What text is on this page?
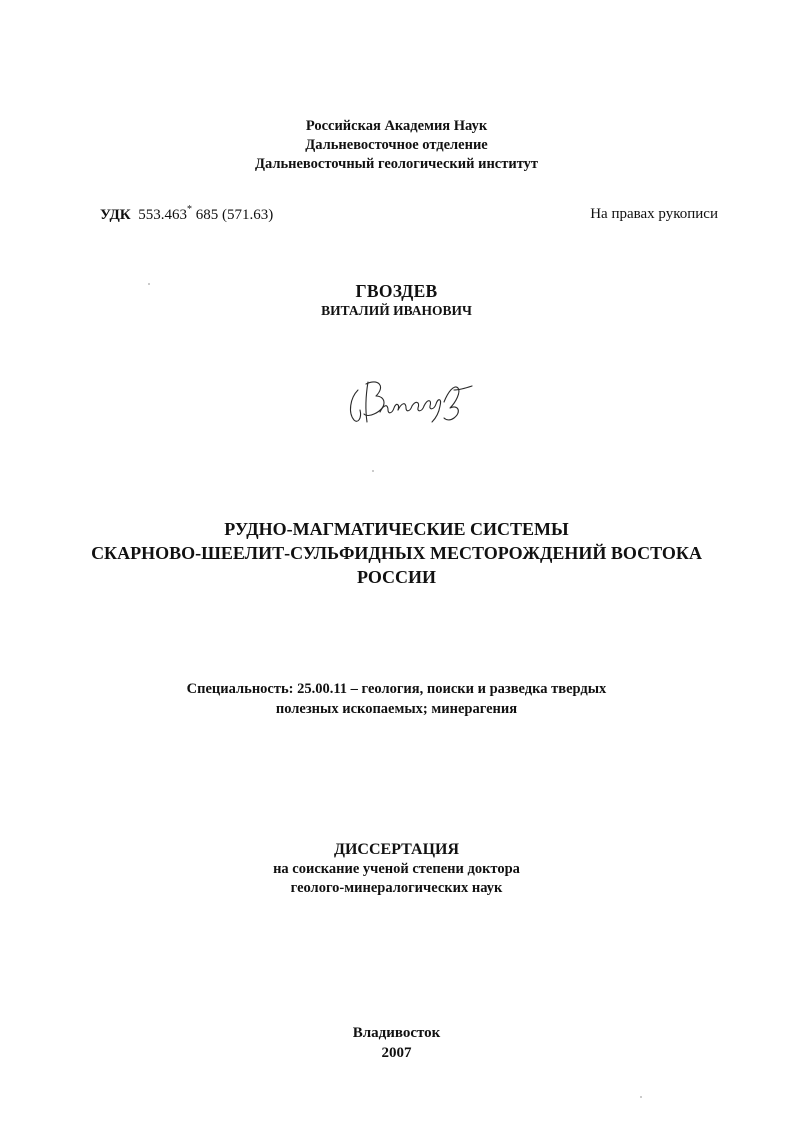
Российская Академия Наук
Дальневосточное отделение
Дальневосточный геологический институт
УДК 553.463* 685 (571.63)	На правах рукописи
ГВОЗДЕВ
ВИТАЛИЙ ИВАНОВИЧ
РУДНО-МАГМАТИЧЕСКИЕ СИСТЕМЫ
СКАРНОВО-ШЕЕЛИТ-СУЛЬФИДНЫХ МЕСТОРОЖДЕНИЙ ВОСТОКА
РОССИИ
Специальность: 25.00.11 – геология, поиски и разведка твердых
полезных ископаемых; минерагения
ДИССЕРТАЦИЯ
на соискание ученой степени доктора
геолого-минералогических наук
Владивосток
2007
